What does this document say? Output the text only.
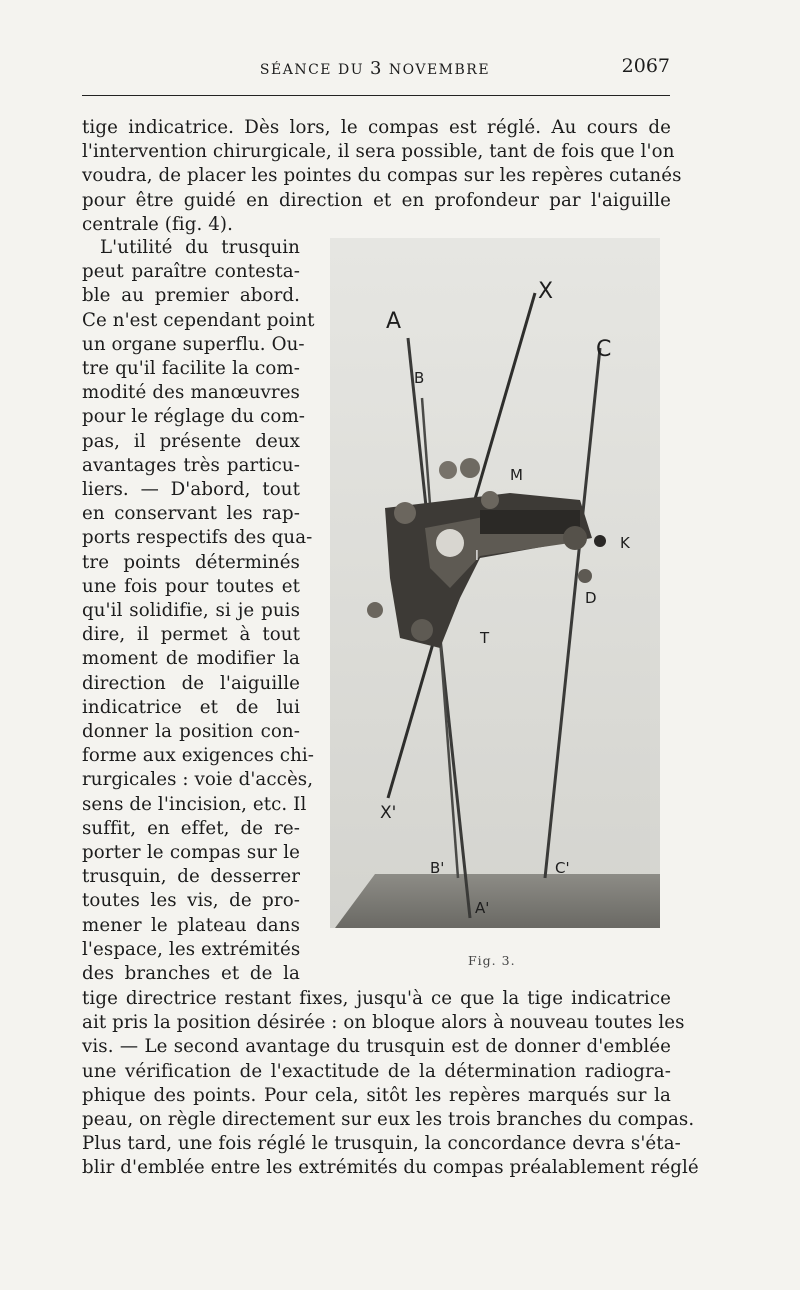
SÉANCE DU 3 NOVEMBRE	2067
tige indicatrice. Dès lors, le compas est réglé. Au cours de
l'intervention chirurgicale, il sera possible, tant de fois que l'on
voudra, de placer les pointes du compas sur les repères cutanés
pour être guidé en direction et en profondeur par l'aiguille
centrale (fig. 4).
L'utilité du trusquin
peut paraître contesta-
ble au premier abord.
Ce n'est cependant point
un organe superflu. Ou-
tre qu'il facilite la com-
modité des manœuvres
pour le réglage du com-
pas, il présente deux
avantages très particu-
liers. — D'abord, tout
en conservant les rap-
ports respectifs des qua-
tre points déterminés
une fois pour toutes et
qu'il solidifie, si je puis
dire, il permet à tout
moment de modifier la
direction de l'aiguille
indicatrice et de lui
donner la position con-
forme aux exigences chi-
rurgicales : voie d'accès,
sens de l'incision, etc. Il
suffit, en effet, de re-
porter le compas sur le
trusquin, de desserrer
toutes les vis, de pro-
mener le plateau dans
l'espace, les extrémités
des branches et de la
A
B
X
C
M
K
I
D
T
X'
B'
A'
C'
Fig. 3.
tige directrice restant fixes, jusqu'à ce que la tige indicatrice
ait pris la position désirée : on bloque alors à nouveau toutes les
vis. — Le second avantage du trusquin est de donner d'emblée
une vérification de l'exactitude de la détermination radiogra-
phique des points. Pour cela, sitôt les repères marqués sur la
peau, on règle directement sur eux les trois branches du compas.
Plus tard, une fois réglé le trusquin, la concordance devra s'éta-
blir d'emblée entre les extrémités du compas préalablement réglé
